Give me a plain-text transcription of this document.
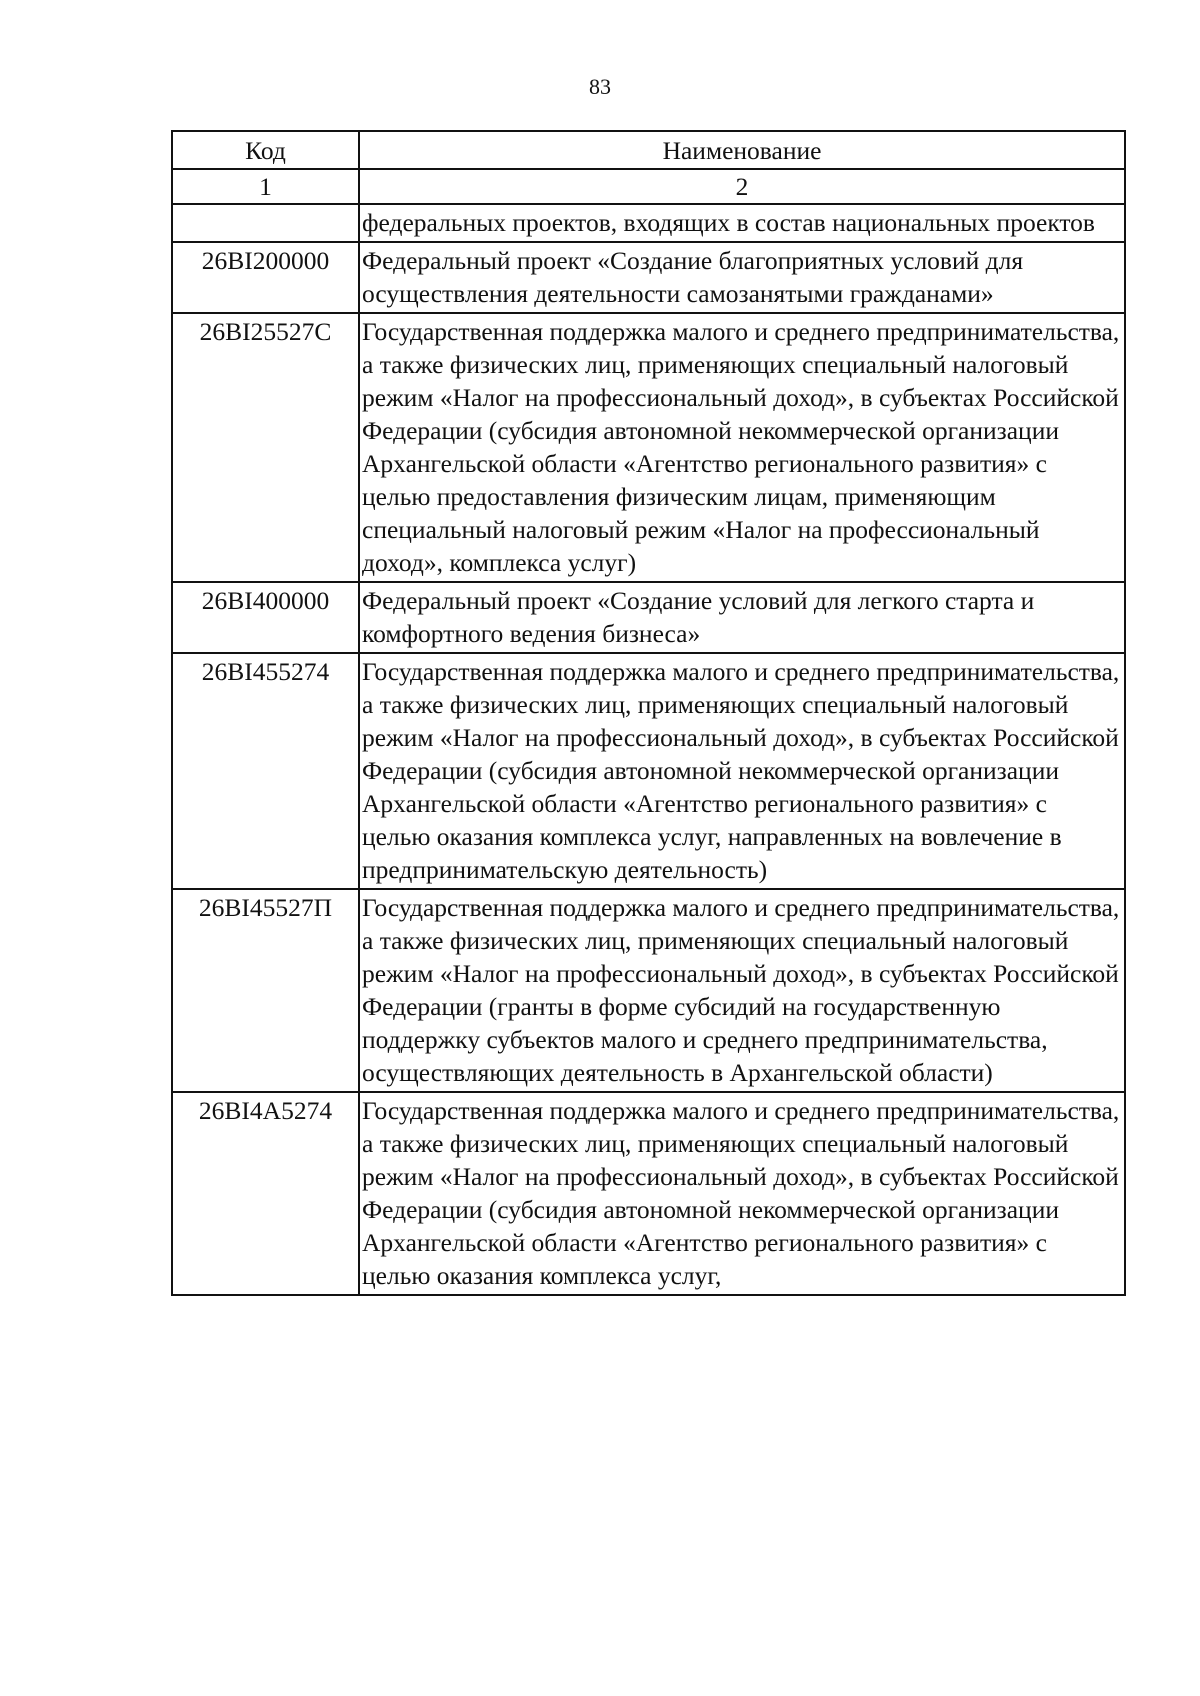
83
Код	Наименование
1	2
	федеральных проектов, входящих в состав национальных проектов
26BI200000	Федеральный проект «Создание благоприятных условий для осуществления деятельности самозанятыми гражданами»
26BI25527C	Государственная поддержка малого и среднего предпринимательства, а также физических лиц, применяющих специальный налоговый режим «Налог на профессиональный доход», в субъектах Российской Федерации (субсидия автономной некоммерческой организации Архангельской области «Агентство регионального развития» с целью предоставления физическим лицам, применяющим специальный налоговый режим «Налог на профессиональный доход», комплекса услуг)
26BI400000	Федеральный проект «Создание условий для легкого старта и комфортного ведения бизнеса»
26BI455274	Государственная поддержка малого и среднего предпринимательства, а также физических лиц, применяющих специальный налоговый режим «Налог на профессиональный доход», в субъектах Российской Федерации (субсидия автономной некоммерческой организации Архангельской области «Агентство регионального развития» с целью оказания комплекса услуг, направленных на вовлечение в предпринимательскую деятельность)
26BI45527П	Государственная поддержка малого и среднего предпринимательства, а также физических лиц, применяющих специальный налоговый режим «Налог на профессиональный доход», в субъектах Российской Федерации (гранты в форме субсидий на государственную поддержку субъектов малого и среднего предпринимательства, осуществляющих деятельность в Архангельской области)
26BI4A5274	Государственная поддержка малого и среднего предпринимательства, а также физических лиц, применяющих специальный налоговый режим «Налог на профессиональный доход», в субъектах Российской Федерации (субсидия автономной некоммерческой организации Архангельской области «Агентство регионального развития» с целью оказания комплекса услуг,
